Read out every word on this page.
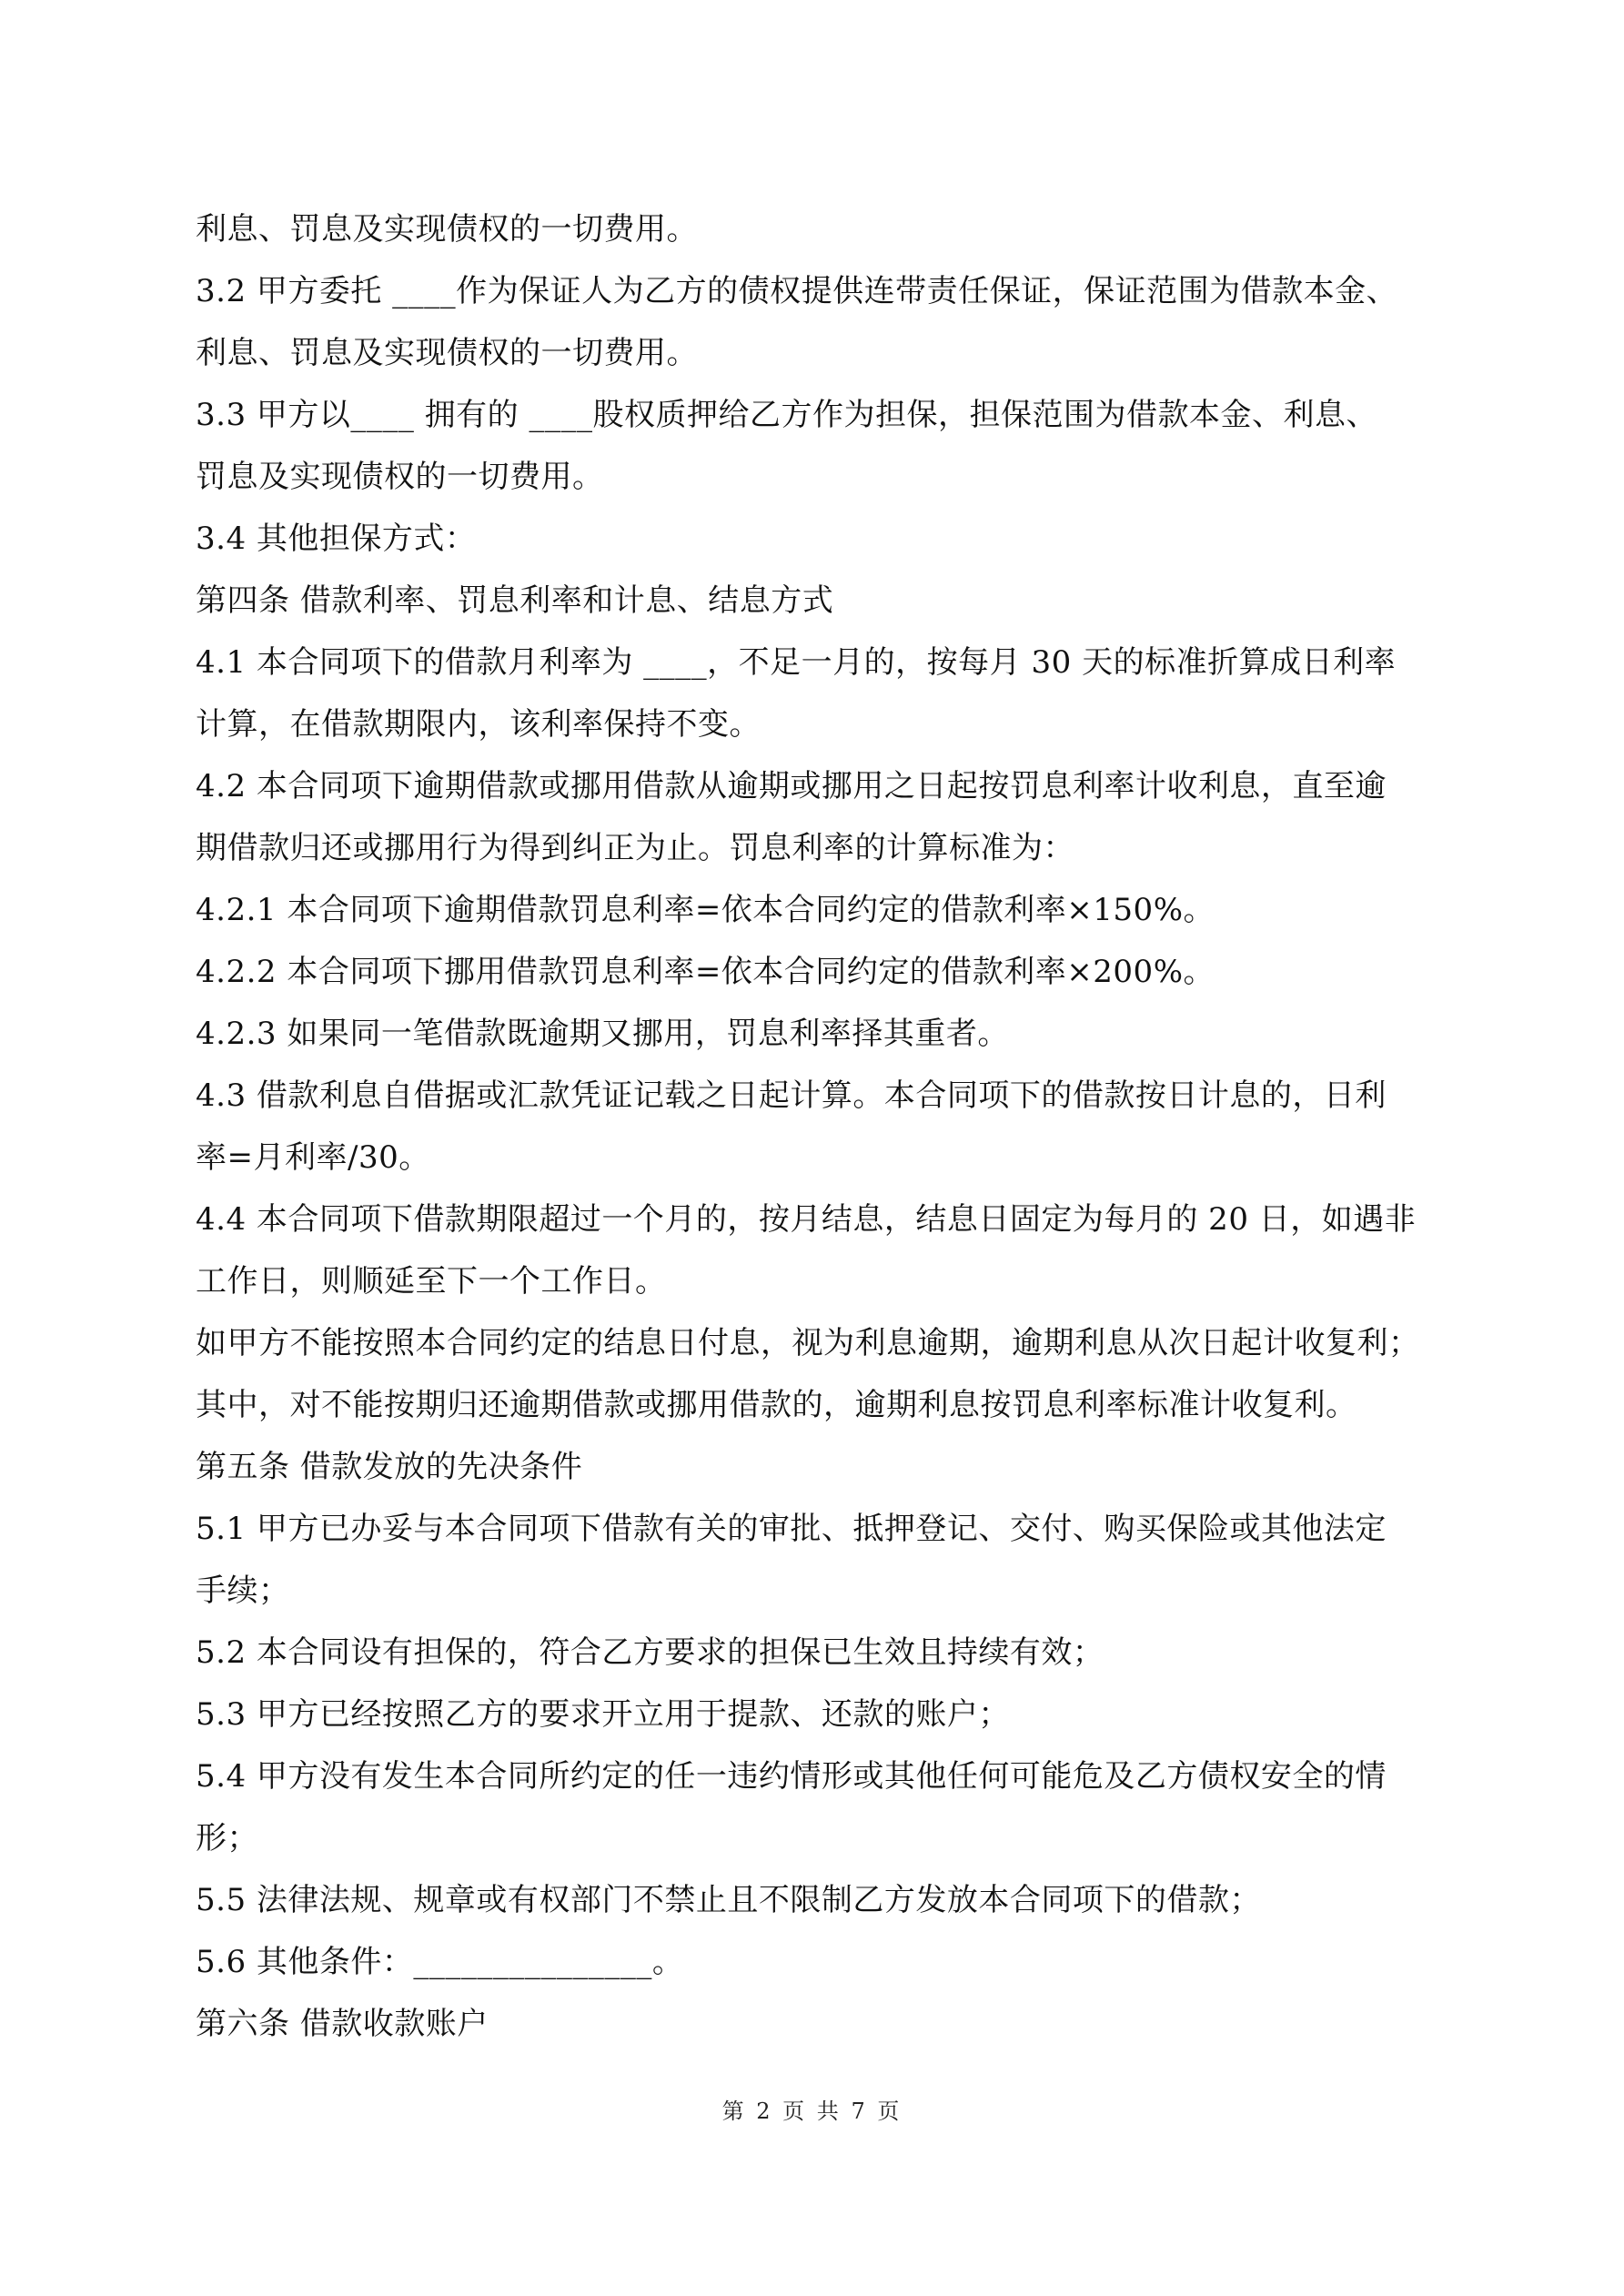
利息、罚息及实现债权的一切费用。
3.2 甲方委托 ____作为保证人为乙方的债权提供连带责任保证，保证范围为借款本金、
利息、罚息及实现债权的一切费用。
3.3 甲方以____ 拥有的 ____股权质押给乙方作为担保，担保范围为借款本金、利息、
罚息及实现债权的一切费用。
3.4 其他担保方式：
第四条 借款利率、罚息利率和计息、结息方式
4.1 本合同项下的借款月利率为 ____，不足一月的，按每月 30 天的标准折算成日利率
计算，在借款期限内，该利率保持不变。
4.2 本合同项下逾期借款或挪用借款从逾期或挪用之日起按罚息利率计收利息，直至逾
期借款归还或挪用行为得到纠正为止。罚息利率的计算标准为：
4.2.1 本合同项下逾期借款罚息利率=依本合同约定的借款利率×150%。
4.2.2 本合同项下挪用借款罚息利率=依本合同约定的借款利率×200%。
4.2.3 如果同一笔借款既逾期又挪用，罚息利率择其重者。
4.3 借款利息自借据或汇款凭证记载之日起计算。本合同项下的借款按日计息的，日利
率=月利率/30。
4.4 本合同项下借款期限超过一个月的，按月结息，结息日固定为每月的 20 日，如遇非
工作日，则顺延至下一个工作日。
如甲方不能按照本合同约定的结息日付息，视为利息逾期，逾期利息从次日起计收复利；
其中，对不能按期归还逾期借款或挪用借款的，逾期利息按罚息利率标准计收复利。
第五条 借款发放的先决条件
5.1 甲方已办妥与本合同项下借款有关的审批、抵押登记、交付、购买保险或其他法定
手续；
5.2 本合同设有担保的，符合乙方要求的担保已生效且持续有效；
5.3 甲方已经按照乙方的要求开立用于提款、还款的账户；
5.4 甲方没有发生本合同所约定的任一违约情形或其他任何可能危及乙方债权安全的情
形；
5.5 法律法规、规章或有权部门不禁止且不限制乙方发放本合同项下的借款；
5.6 其他条件：_______________。
第六条 借款收款账户
第 2 页 共 7 页
